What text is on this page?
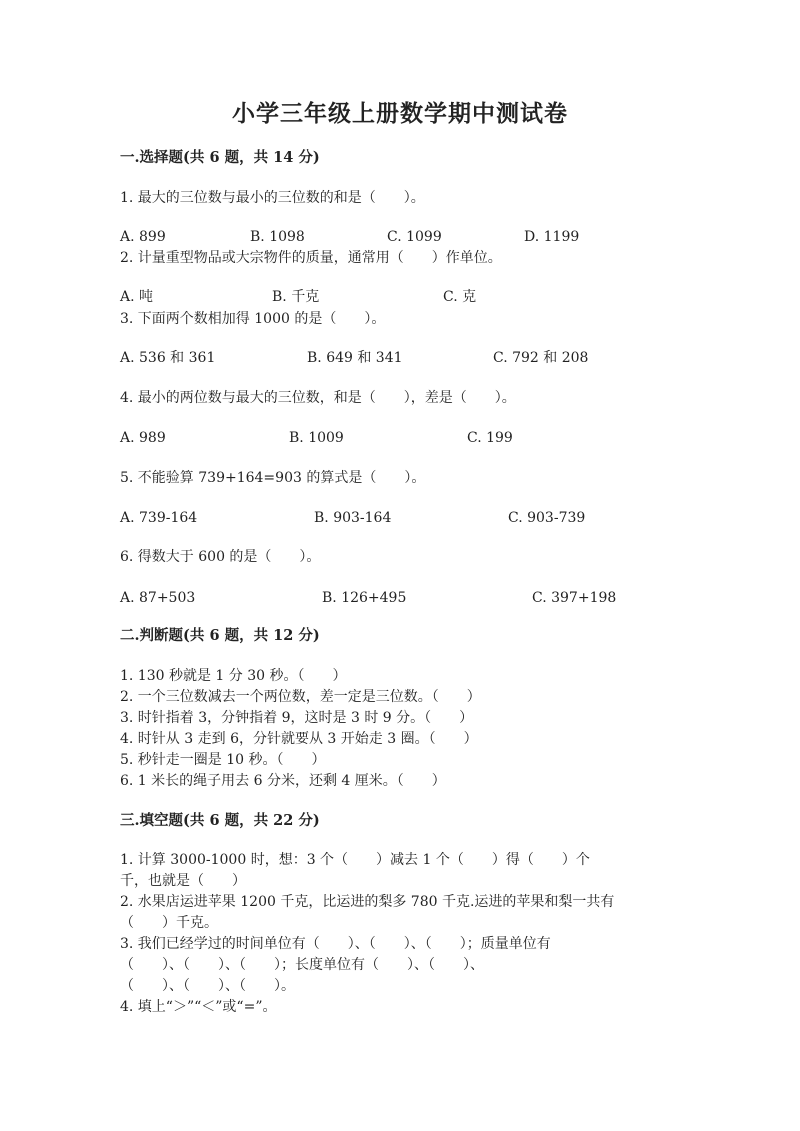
小学三年级上册数学期中测试卷
一.选择题(共 6 题，共 14 分)
1. 最大的三位数与最小的三位数的和是（　　）。
A. 899	B. 1098	C. 1099	D. 1199
2. 计量重型物品或大宗物件的质量，通常用（　　）作单位。
A. 吨	B. 千克	C. 克
3. 下面两个数相加得 1000 的是（　　）。
A. 536 和 361	B. 649 和 341	C. 792 和 208
4. 最小的两位数与最大的三位数，和是（　　），差是（　　）。
A. 989	B. 1009	C. 199
5. 不能验算 739+164=903 的算式是（　　）。
A. 739-164	B. 903-164	C. 903-739
6. 得数大于 600 的是（　　）。
A. 87+503	B. 126+495	C. 397+198
二.判断题(共 6 题，共 12 分)
1. 130 秒就是 1 分 30 秒。（　　）
2. 一个三位数减去一个两位数，差一定是三位数。（　　）
3. 时针指着 3，分钟指着 9，这时是 3 时 9 分。（　　）
4. 时针从 3 走到 6，分针就要从 3 开始走 3 圈。（　　）
5. 秒针走一圈是 10 秒。（　　）
6. 1 米长的绳子用去 6 分米，还剩 4 厘米。（　　）
三.填空题(共 6 题，共 22 分)
1. 计算 3000-1000 时，想：3 个（　　）减去 1 个（　　）得（　　）个
千，也就是（　　）
2. 水果店运进苹果 1200 千克，比运进的梨多 780 千克.运进的苹果和梨一共有
（　　）千克。
3. 我们已经学过的时间单位有（　　）、（　　）、（　　）；质量单位有
（　　）、（　　）、（　　）；长度单位有（　　）、（　　）、
（　　）、（　　）、（　　）。
4. 填上“＞”“＜”或“=”。
